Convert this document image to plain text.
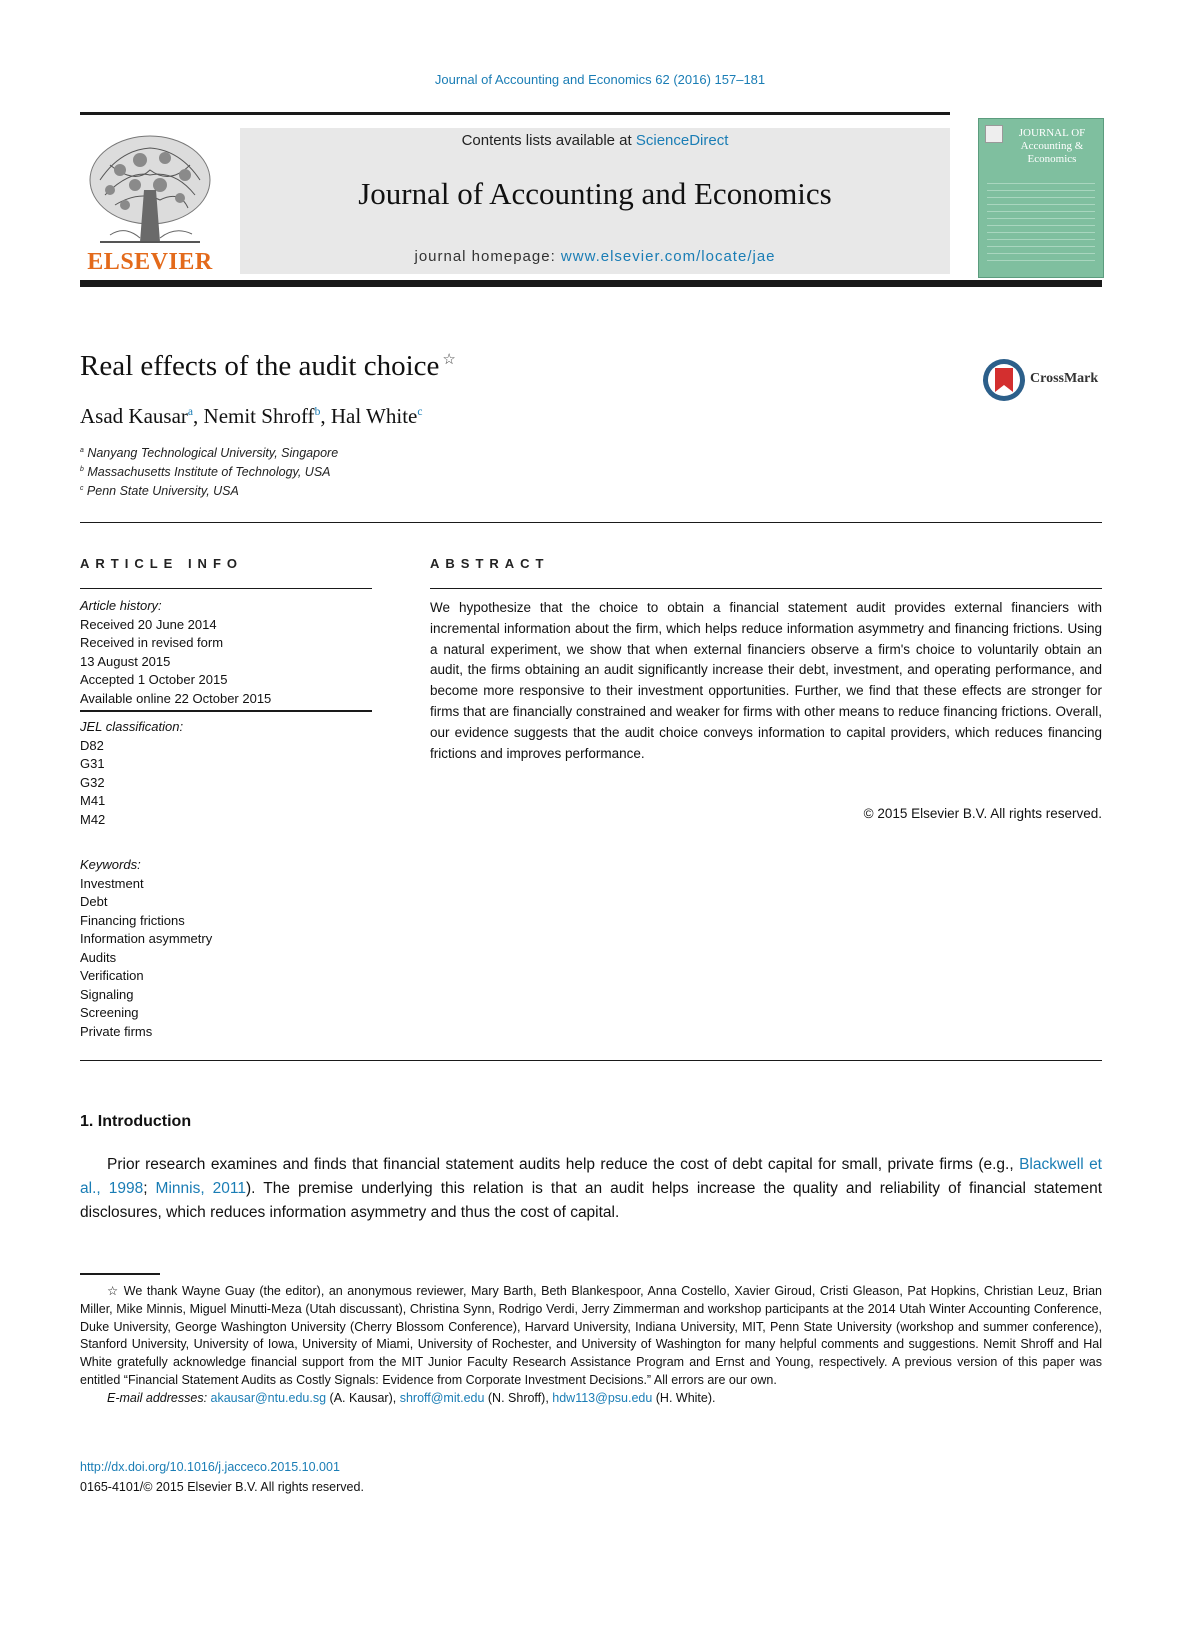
Journal of Accounting and Economics 62 (2016) 157–181
ELSEVIER
Contents lists available at ScienceDirect
Journal of Accounting and Economics
journal homepage: www.elsevier.com/locate/jae
JOURNAL OF Accounting & Economics
Real effects of the audit choice ☆
CrossMark
Asad Kausar$^a$, Nemit Shroff$^b$, Hal White$^c$
$^a$ Nanyang Technological University, Singapore
$^b$ Massachusetts Institute of Technology, USA
$^c$ Penn State University, USA
ARTICLE INFO
Article history:
Received 20 June 2014
Received in revised form
13 August 2015
Accepted 1 October 2015
Available online 22 October 2015
JEL classification:
D82
G31
G32
M41
M42
Keywords:
Investment
Debt
Financing frictions
Information asymmetry
Audits
Verification
Signaling
Screening
Private firms
ABSTRACT
We hypothesize that the choice to obtain a financial statement audit provides external financiers with incremental information about the firm, which helps reduce information asymmetry and financing frictions. Using a natural experiment, we show that when external financiers observe a firm's choice to voluntarily obtain an audit, the firms obtaining an audit significantly increase their debt, investment, and operating performance, and become more responsive to their investment opportunities. Further, we find that these effects are stronger for firms that are financially constrained and weaker for firms with other means to reduce financing frictions. Overall, our evidence suggests that the audit choice conveys information to capital providers, which reduces financing frictions and improves performance.
© 2015 Elsevier B.V. All rights reserved.
1. Introduction
Prior research examines and finds that financial statement audits help reduce the cost of debt capital for small, private firms (e.g., Blackwell et al., 1998; Minnis, 2011). The premise underlying this relation is that an audit helps increase the quality and reliability of financial statement disclosures, which reduces information asymmetry and thus the cost of capital.
☆ We thank Wayne Guay (the editor), an anonymous reviewer, Mary Barth, Beth Blankespoor, Anna Costello, Xavier Giroud, Cristi Gleason, Pat Hopkins, Christian Leuz, Brian Miller, Mike Minnis, Miguel Minutti-Meza (Utah discussant), Christina Synn, Rodrigo Verdi, Jerry Zimmerman and workshop participants at the 2014 Utah Winter Accounting Conference, Duke University, George Washington University (Cherry Blossom Conference), Harvard University, Indiana University, MIT, Penn State University (workshop and summer conference), Stanford University, University of Iowa, University of Miami, University of Rochester, and University of Washington for many helpful comments and suggestions. Nemit Shroff and Hal White gratefully acknowledge financial support from the MIT Junior Faculty Research Assistance Program and Ernst and Young, respectively. A previous version of this paper was entitled “Financial Statement Audits as Costly Signals: Evidence from Corporate Investment Decisions.” All errors are our own.
E-mail addresses: akausar@ntu.edu.sg (A. Kausar), shroff@mit.edu (N. Shroff), hdw113@psu.edu (H. White).
http://dx.doi.org/10.1016/j.jacceco.2015.10.001
0165-4101/© 2015 Elsevier B.V. All rights reserved.
